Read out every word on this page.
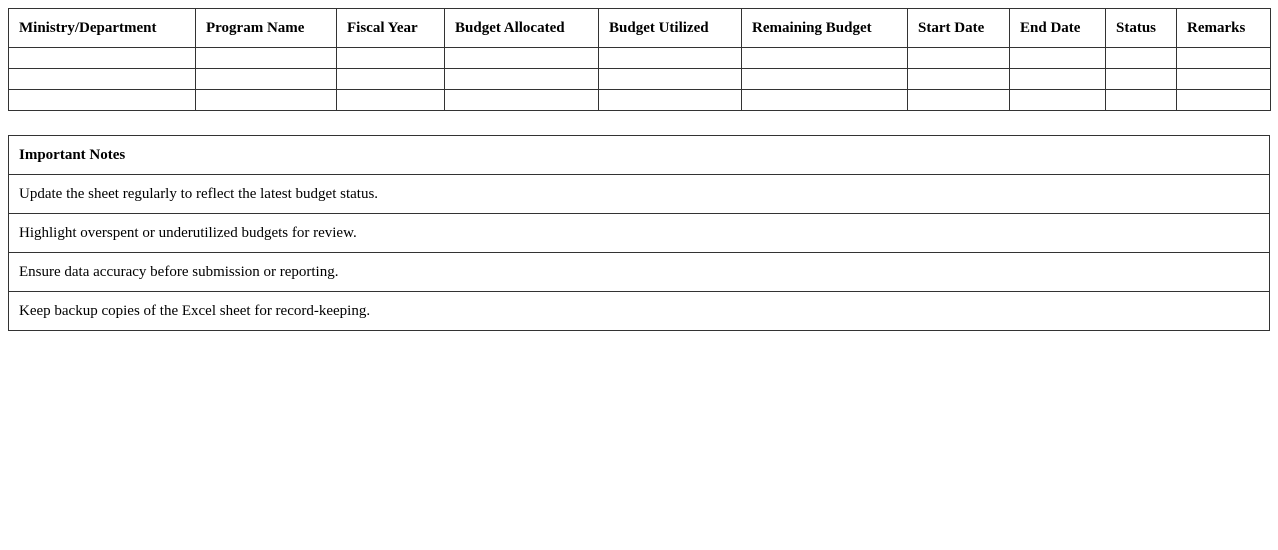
Ministry/Department	Program Name	Fiscal Year	Budget Allocated	Budget Utilized	Remaining Budget	Start Date	End Date	Status	Remarks

Important Notes
Update the sheet regularly to reflect the latest budget status.
Highlight overspent or underutilized budgets for review.
Ensure data accuracy before submission or reporting.
Keep backup copies of the Excel sheet for record-keeping.
